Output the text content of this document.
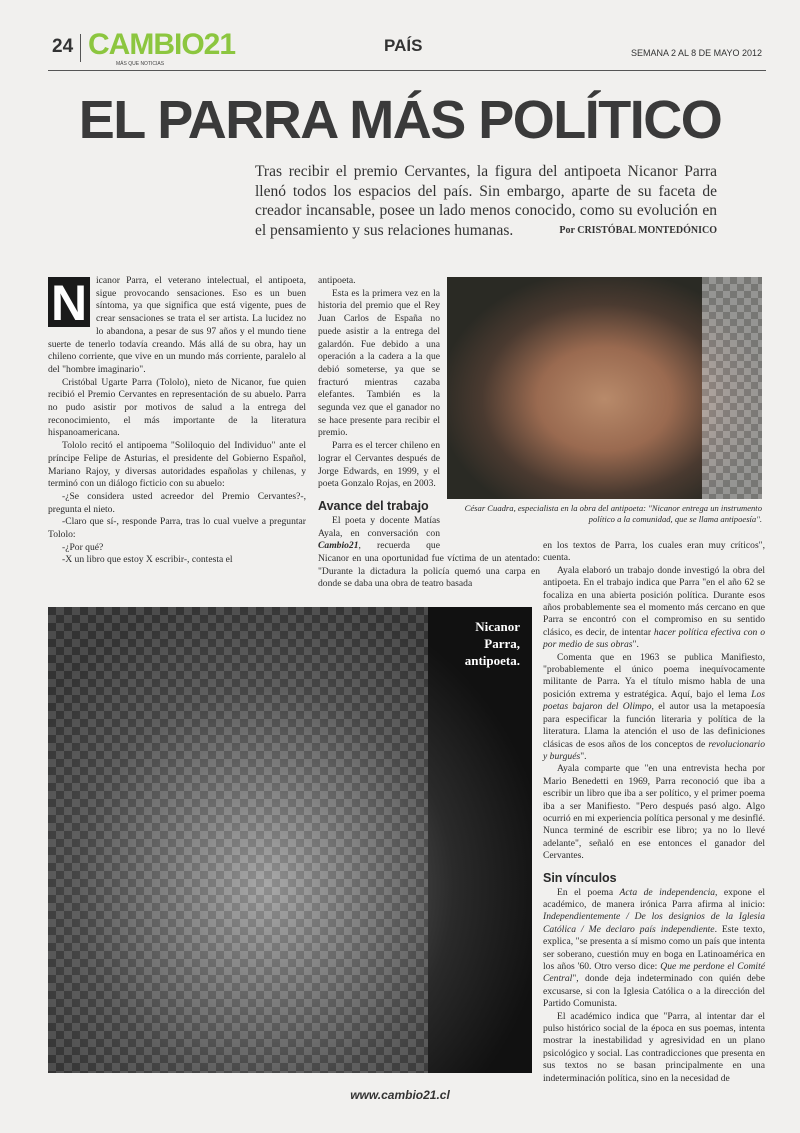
24 CAMBIO21
MÁS QUE NOTICIAS
PAÍS	SEMANA 2 AL 8 DE MAYO 2012
EL PARRA MÁS POLÍTICO
Tras recibir el premio Cervantes, la figura del antipoeta Nicanor Parra llenó todos los espacios del país. Sin embargo, aparte de su faceta de creador incansable, posee un lado menos conocido, como su evolución en el pensamiento y sus relaciones humanas.	Por CRISTÓBAL MONTEDÓNICO

N icanor Parra, el veterano intelectual, el antipoeta, sigue provocando sensaciones. Eso es un buen síntoma, ya que significa que está vigente, pues de crear sensaciones se trata el ser artista. La lucidez no lo abandona, a pesar de sus 97 años y el mundo tiene suerte de tenerlo todavía creando. Más allá de su obra, hay un chileno corriente, que vive en un mundo más corriente, paralelo al del "hombre imaginario".

Cristóbal Ugarte Parra (Tololo), nieto de Nicanor, fue quien recibió el Premio Cervantes en representación de su abuelo. Parra no pudo asistir por motivos de salud a la entrega del reconocimiento, el más importante de la literatura hispanoamericana.

Tololo recitó el antipoema "Soliloquio del Individuo" ante el príncipe Felipe de Asturias, el presidente del Gobierno Español, Mariano Rajoy, y diversas autoridades españolas y chilenas, y terminó con un diálogo ficticio con su abuelo:

-¿Se considera usted acreedor del Premio Cervantes?-, pregunta el nieto.

-Claro que sí-, responde Parra, tras lo cual vuelve a preguntar Tololo:

-¿Por qué?

-X un libro que estoy X escribir-, contesta el

antipoeta.

Esta es la primera vez en la historia del premio que el Rey Juan Carlos de España no puede asistir a la entrega del galardón. Fue debido a una operación a la cadera a la que debió someterse, ya que se fracturó mientras cazaba elefantes. También es la segunda vez que el ganador no se hace presente para recibir el premio.

Parra es el tercer chileno en lograr el Cervantes después de Jorge Edwards, en 1999, y el poeta Gonzalo Rojas, en 2003.

Avance del trabajo

El poeta y docente Matías Ayala, en conversación con Cambio21, recuerda que Nicanor en una oportunidad fue víctima de un atentado: "Durante la dictadura la policía quemó una carpa en donde se daba una obra de teatro basada

César Cuadra, especialista en la obra del antipoeta: "Nicanor entrega un instrumento político a la comunidad, que se llama antipoesía".

en los textos de Parra, los cuales eran muy críticos", cuenta.

Ayala elaboró un trabajo donde investigó la obra del antipoeta. En el trabajo indica que Parra "en el año 62 se focaliza en una abierta posición política. Durante esos años probablemente sea el momento más cercano en que Parra se encontró con el compromiso en su sentido clásico, es decir, de intentar hacer política efectiva con o por medio de sus obras".

Comenta que en 1963 se publica Manifiesto, "probablemente el único poema inequívocamente militante de Parra. Ya el título mismo habla de una posición extrema y estratégica. Aquí, bajo el lema Los poetas bajaron del Olimpo, el autor usa la metapoesía para especificar la función literaria y política de la literatura. Llama la atención el uso de las definiciones clásicas de esos años de los conceptos de revolucionario y burgués".

Ayala comparte que "en una entrevista hecha por Mario Benedetti en 1969, Parra reconoció que iba a escribir un libro que iba a ser político, y el primer poema iba a ser Manifiesto. "Pero después pasó algo. Algo ocurrió en mi experiencia política personal y me desinflé. Nunca terminé de escribir ese libro; ya no lo llevé adelante", señaló en ese entonces el ganador del Cervantes.

Sin vínculos

En el poema Acta de independencia, expone el académico, de manera irónica Parra afirma al inicio: Independientemente / De los designios de la Iglesia Católica / Me declaro país independiente. Este texto, explica, "se presenta a sí mismo como un país que intenta ser soberano, cuestión muy en boga en Latinoamérica en los años '60. Otro verso dice: Que me perdone el Comité Central", donde deja indeterminado con quién debe excusarse, si con la Iglesia Católica o a la dirección del Partido Comunista.

El académico indica que "Parra, al intentar dar el pulso histórico social de la época en sus poemas, intenta mostrar la inestabilidad y agresividad en un plano psicológico y social. Las contradicciones que presenta en sus textos no se basan principalmente en una indeterminación política, sino en la necesidad de

Nicanor
Parra,
antipoeta.
www.cambio21.cl
